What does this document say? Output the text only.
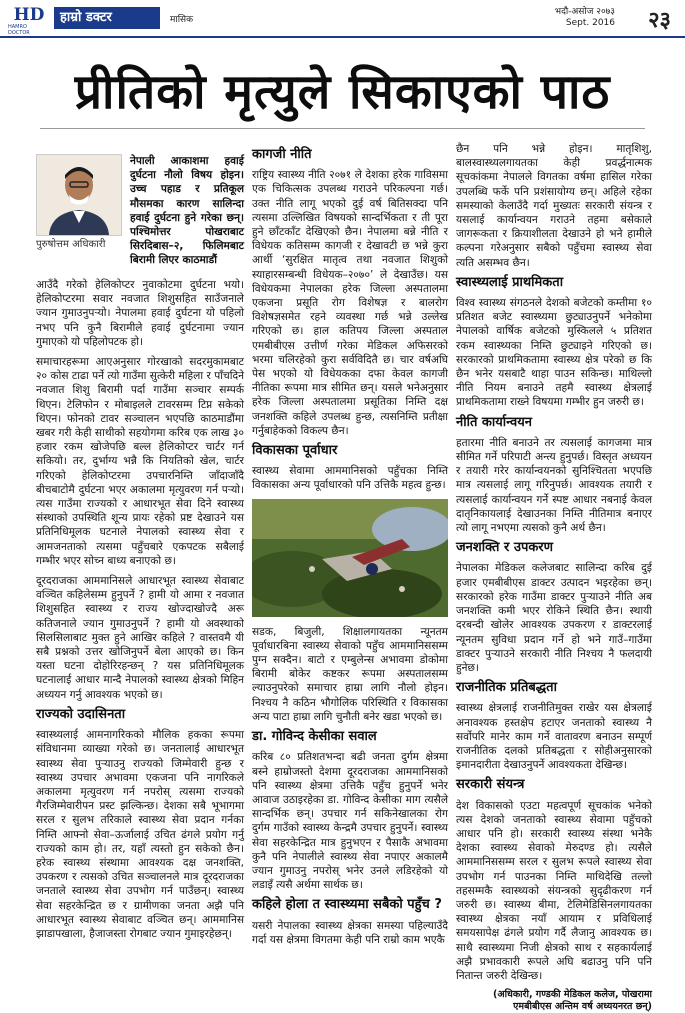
HD
HAMRO DOCTOR
हाम्रो डक्टर	मासिक
भदौ-असोज २०७३
Sept. 2016 २३
प्रीतिको मृत्युले सिकाएको पाठ
पुरुषोत्तम अधिकारी
नेपाली आकाशमा हवाई दुर्घटना नौलो विषय होइन। उच्च पहाड र प्रतिकूल मौसमका कारण सालिन्दा हवाई दुर्घटना हुने गरेका छन्। पश्चिमोत्तर पोखराबाट सिरदिबास–२, फिलिमबाट बिरामी लिएर काठमाडौं

आउँदै गरेको हेलिकोप्टर नुवाकोटमा दुर्घटना भयो। हेलिकोप्टरमा सवार नवजात शिशुसहित साउँजनाले ज्यान गुमाउनुपर्‍यो। नेपालमा हवाई दुर्घटना यो पहिलो नभए पनि कुनै बिरामीले हवाई दुर्घटनामा ज्यान गुमाएको यो पहिलोपटक हो।

समाचारहरूमा आएअनुसार गोरखाको सदरमुकामबाट २० कोस टाढा पर्ने त्यो गाउँमा सुत्केरी महिला र पाँचदिने नवजात शिशु बिरामी पर्दा गाउँमा सञ्चार सम्पर्क थिएन। टेलिफोन र मोबाइलले टावरसम्म टिप्न सकेको थिएन। फोनको टावर सञ्चालन भएपछि काठमाडौंमा खबर गरी केही साथीको सहयोगमा करिब एक लाख ३० हजार रकम खोजेपछि बल्ल हेलिकोप्टर चार्टर गर्न सकियो। तर, दुर्भाग्य भन्नै कि नियतिको खेल, चार्टर गरिएको हेलिकोप्टरमा उपचारनिम्ति जाँदाजाँदै बीचबाटोमै दुर्घटना भएर अकालमा मृत्युवरण गर्न पर्‍यो। त्यस गाउँमा राज्यको र आधारभूत सेवा दिने स्वास्थ्य संस्थाको उपस्थिति शून्य प्रायः रहेको प्रष्ट देखाउने यस प्रतिनिधिमूलक घटनाले नेपालको स्वास्थ्य सेवा र आमजनताको त्यसमा पहुँचबारे एकपटक सबैलाई गम्भीर भएर सोच्न बाध्य बनाएको छ।

दूरदराजका आममानिसले आधारभूत स्वास्थ्य सेवाबाट वञ्चित कहिलेसम्म हुनुपर्ने ? हामी यो आमा र नवजात शिशुसहित स्वास्थ्य र राज्य खोज्दाखोज्दै अरू कतिजनाले ज्यान गुमाउनुपर्ने ? हामी यो अवस्थाको सिलसिलाबाट मुक्त हुने आखिर कहिले ? वास्तवमै यी सबै प्रश्नको उत्तर खोजिनुपर्ने बेला आएको छ। किन यस्ता घटना दोहोरिरहन्छन् ? यस प्रतिनिधिमूलक घटनालाई आधार मान्दै नेपालको स्वास्थ्य क्षेत्रको मिहिन अध्ययन गर्नु आवश्यक भएको छ।

राज्यको उदासिनता

स्वास्थ्यलाई आमनागरिकको मौलिक हकका रूपमा संविधानमा व्याख्या गरेको छ। जनतालाई आधारभूत स्वास्थ्य सेवा पुऱ्याउनु राज्यको जिम्मेवारी हुन्छ र स्वास्थ्य उपचार अभावमा एकजना पनि नागरिकले अकालमा मृत्युवरण गर्न नपरोस् त्यसमा राज्यको गैरजिम्मेवारीपन प्रस्ट झल्किन्छ। देशका सबै भूभागमा सरल र सुलभ तरिकाले स्वास्थ्य सेवा प्रदान गर्नका निम्ति आफ्नो सेवा–ऊर्जालाई उचित ढंगले प्रयोग गर्नु राज्यको काम हो। तर, यहाँ त्यस्तो हुन सकेको छैन। हरेक स्वास्थ्य संस्थामा आवश्यक दक्ष जनशक्ति, उपकरण र त्यसको उचित सञ्चालनले मात्र दूरदराजका जनताले स्वास्थ्य सेवा उपभोग गर्न पाउँछन्। स्वास्थ्य सेवा सहरकेन्द्रित छ र ग्रामीणका जनता अझै पनि आधारभूत स्वास्थ्य सेवाबाट वञ्चित छन्। आममानिस झाडापखाला, हैजाजस्ता रोगबाट ज्यान गुमाइरहेछन्।

कागजी नीति

राष्ट्रिय स्वास्थ्य नीति २०७१ ले देशका हरेक गाविसमा एक चिकित्सक उपलब्ध गराउने परिकल्पना गर्छ। उक्त नीति लागू भएको दुई वर्ष बितिसक्दा पनि त्यसमा उल्लिखित विषयको सान्दर्भिकता र ती पूरा हुने छाँटकाँट देखिएको छैन। नेपालमा बन्ने नीति र विधेयक कतिसम्म कागजी र देखावटी छ भन्ने कुरा आर्थी ‘सुरक्षित मातृत्व तथा नवजात शिशुको स्याहारसम्बन्धी विधेयक–२०७०’ ले देखाउँछ। यस विधेयकमा नेपालका हरेक जिल्ला अस्पतालमा एकजना प्रसूति रोग विशेषज्ञ र बालरोग विशेषज्ञसमेत रहने व्यवस्था गर्छ भन्ने उल्लेख गरिएको छ। हाल कतिपय जिल्ला अस्पताल एमबीबीएस उत्तीर्ण गरेका मेडिकल अफिसरको भरमा चलिरहेको कुरा सर्वविदितै छ। चार वर्षअघि पेस भएको यो विधेयकका दफा केवल कागजी नीतिका रूपमा मात्र सीमित छन्। यसले भनेअनुसार हरेक जिल्ला अस्पतालमा प्रसूतिका निम्ति दक्ष जनशक्ति कहिले उपलब्ध हुन्छ, त्यसनिम्ति प्रतीक्षा गर्नुबाहेकको विकल्प छैन।

विकासका पूर्वाधार

स्वास्थ्य सेवामा आममानिसको पहुँचका निम्ति विकासका अन्य पूर्वाधारको पनि उत्तिकै महत्व हुन्छ।

सडक, बिजुली, शिक्षालगायतका न्यूनतम पूर्वाधारबिना स्वास्थ्य सेवाको पहुँच आममानिससम्म पुग्न सक्दैन। बाटो र एम्बुलेन्स अभावमा डोकोमा बिरामी बोकेर कष्टकर रूपमा अस्पतालसम्म ल्याउनुपरेको समाचार हाम्रा लागि नौलो होइन। निश्चय नै कठिन भौगोलिक परिस्थिति र विकासका अन्य पाटा हाम्रा लागि चुनौती बनेर खडा भएको छ।

डा. गोविन्द केसीका सवाल

करिब ८० प्रतिशतभन्दा बढी जनता दुर्गम क्षेत्रमा बस्ने हाम्रोजस्तो देशमा दूरदराजका आममानिसको पनि स्वास्थ्य क्षेत्रमा उत्तिकै पहुँच हुनुपर्ने भनेर आवाज उठाइरहेका डा. गोविन्द केसीका माग त्यसैले सान्दर्भिक छन्। उपचार गर्न सकिनेखालका रोग दुर्गम गाउँको स्वास्थ्य केन्द्रमै उपचार हुनुपर्ने। स्वास्थ्य सेवा सहरकेन्द्रित मात्र हुनुभएन र पैसाकै अभावमा कुनै पनि नेपालीले स्वास्थ्य सेवा नपाएर अकालमै ज्यान गुमाउनु नपरोस् भनेर उनले लडिरहेको यो लडाइँ त्यसै अर्थमा सार्थक छ।

कहिले होला त स्वास्थ्यमा सबैको पहुँच ?

यसरी नेपालका स्वास्थ्य क्षेत्रका समस्या पहिल्याउँदै गर्दा यस क्षेत्रमा विगतमा केही पनि राम्रो काम भएकै

छैन पनि भन्ने होइन। मातृशिशु, बालस्वास्थ्यलगायतका केही प्रवर्द्धनात्मक सूचकांकमा नेपालले विगतका वर्षमा हासिल गरेका उपलब्धि फर्के पनि प्रशंसायोग्य छन्। अहिले रहेका समस्याको केलाउँदै गर्दा मुख्यतः सरकारी संयन्त्र र यसलाई कार्यान्वयन गराउने तहमा बसेकाले जागरूकता र क्रियाशीलता देखाउने हो भने हामीले कल्पना गरेअनुसार सबैको पहुँचमा स्वास्थ्य सेवा त्यति असम्भव छैन।

स्वास्थ्यलाई प्राथमिकता

विश्व स्वास्थ्य संगठनले देशको बजेटको कम्तीमा १० प्रतिशत बजेट स्वास्थ्यमा छुट्याउनुपर्ने भनेकोमा नेपालको वार्षिक बजेटको मुस्किलले ५ प्रतिशत रकम स्वास्थ्यका निम्ति छुट्याइने गरिएको छ। सरकारको प्राथमिकतामा स्वास्थ्य क्षेत्र परेको छ कि छैन भनेर यसबाटै थाहा पाउन सकिन्छ। माथिल्लो नीति नियम बनाउने तहमै स्वास्थ्य क्षेत्रलाई प्राथमिकतामा राख्ने विषयमा गम्भीर हुन जरुरी छ।

नीति कार्यान्वयन

हतारमा नीति बनाउने तर त्यसलाई कागजमा मात्र सीमित गर्ने परिपाटी अन्त्य हुनुपर्छ। विस्तृत अध्ययन र तयारी गरेर कार्यान्वयनको सुनिश्चितता भएपछि मात्र त्यसलाई लागू गरिनुपर्छ। आवश्यक तयारी र त्यसलाई कार्यान्वयन गर्ने स्पष्ट आधार नबनाई केवल दातृनिकायलाई देखाउनका निम्ति नीतिमात्र बनाएर त्यो लागू नभएमा त्यसको कुनै अर्थ छैन।

जनशक्ति र उपकरण

नेपालका मेडिकल कलेजबाट सालिन्दा करिब दुई हजार एमबीबीएस डाक्टर उत्पादन भइरहेका छन्। सरकारको हरेक गाउँमा डाक्टर पुऱ्याउने नीति अब जनशक्ति कमी भएर रोकिने स्थिति छैन। स्थायी दरबन्दी खोलेर आवश्यक उपकरण र डाक्टरलाई न्यूनतम सुविधा प्रदान गर्ने हो भने गाउँ–गाउँमा डाक्टर पुऱ्याउने सरकारी नीति निश्चय नै फलदायी हुनेछ।

राजनीतिक प्रतिबद्धता

स्वास्थ्य क्षेत्रलाई राजनीतिमुक्त राखेर यस क्षेत्रलाई अनावश्यक हस्तक्षेप हटाएर जनताको स्वास्थ्य नै सर्वोपरि मानेर काम गर्ने वातावरण बनाउन सम्पूर्ण राजनीतिक दलको प्रतिबद्धता र सोहीअनुसारको इमानदारीता देखाउनुपर्ने आवश्यकता देखिन्छ।

सरकारी संयन्त्र

देश विकासको एउटा महत्वपूर्ण सूचकांक भनेको त्यस देशको जनताको स्वास्थ्य सेवामा पहुँचको आधार पनि हो। सरकारी स्वास्थ्य संस्था भनेकै देशका स्वास्थ्य सेवाको मेरुदण्ड हो। त्यसैले आममानिससम्म सरल र सुलभ रूपले स्वास्थ्य सेवा उपभोग गर्न पाउनका निम्ति माथिदेखि तल्लो तहसम्मकै स्वास्थ्यको संयन्त्रको सुदृढीकरण गर्न जरुरी छ। स्वास्थ्य बीमा, टेलिमेडिसिनलगायतका स्वास्थ्य क्षेत्रका नयाँ आयाम र प्रविधिलाई समयसापेक्ष ढंगले प्रयोग गर्दै लैजानु आवश्यक छ। साथै स्वास्थ्यमा निजी क्षेत्रको साथ र सहकार्यलाई अझै प्रभावकारी रूपले अघि बढाउनु पनि पनि नितान्त जरुरी देखिन्छ।

(अधिकारी, गण्डकी मेडिकल कलेज, पोखरामा एमबीबीएस अन्तिम वर्ष अध्ययनरत छन्)
